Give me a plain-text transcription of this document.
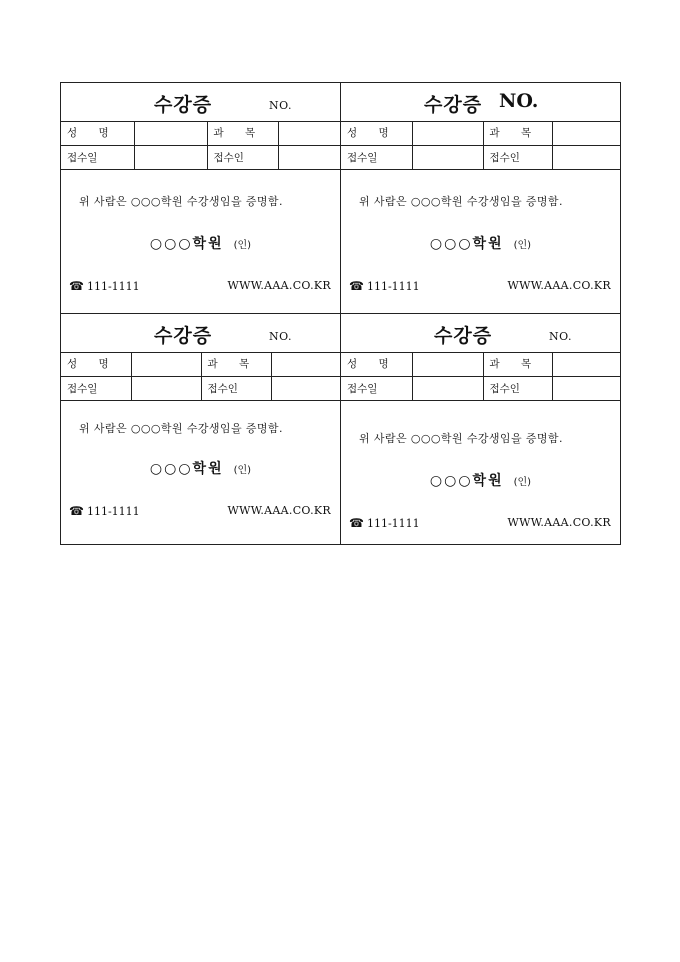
수강증	NO.
성 명		과 목	
접수일		접수인	
위 사람은 ○○○학원 수강생임을 증명함.
○○○학원 (인)
☎ 111-1111	WWW.AAA.CO.KR
수강증 NO.
성 명		과 목	
접수일		접수인	
위 사람은 ○○○학원 수강생임을 증명함.
○○○학원 (인)
☎ 111-1111	WWW.AAA.CO.KR
수강증	NO.
성 명		과 목	
접수일		접수인	
위 사람은 ○○○학원 수강생임을 증명함.
○○○학원 (인)
☎ 111-1111	WWW.AAA.CO.KR
수강증	NO.
성 명		과 목	
접수일		접수인	
위 사람은 ○○○학원 수강생임을 증명함.
○○○학원 (인)
☎ 111-1111	WWW.AAA.CO.KR
